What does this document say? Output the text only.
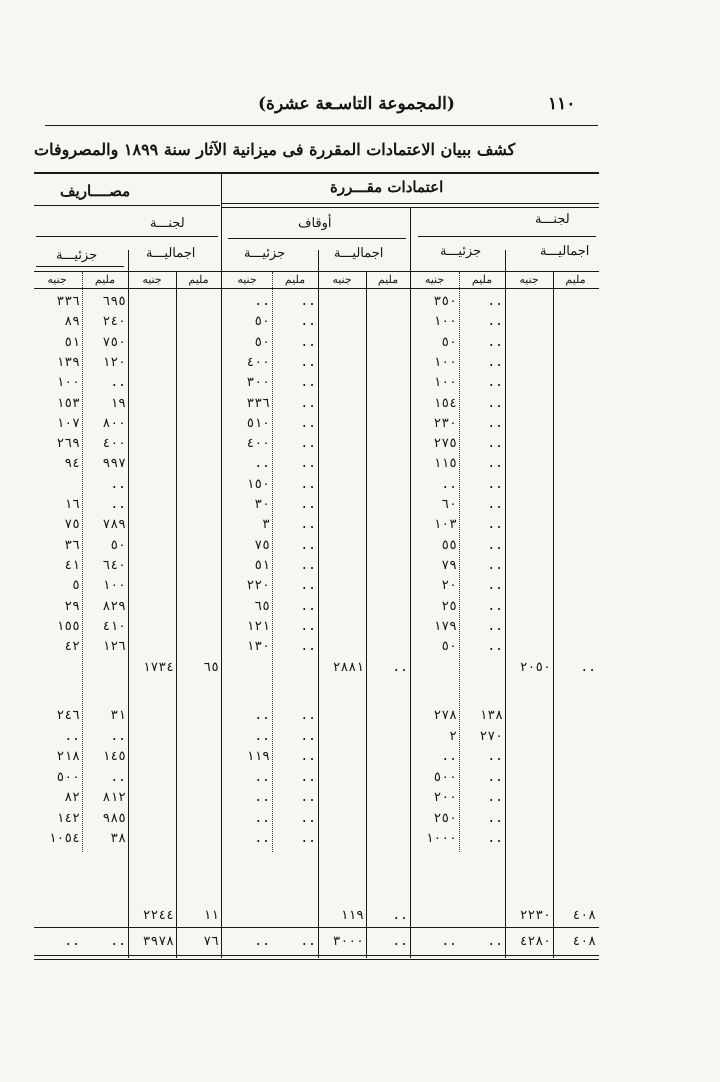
١١٠
(المجموعة التاسـعة عشرة)
كشف ببيان الاعتمادات المقررة فى ميزانية الآثار سنة ١٨٩٩ والمصروفات
اعتمادات مقـــررة
مصــــاريف
لجنـــة
أوقاف
لجنـــة
اجماليـــة
جزئيـــة
اجماليـــة
جزئيـــة
اجماليـــة
جزئيـــة
مليم
جنيه
مليم
جنيه
مليم
جنيه
مليم
جنيه
مليم
جنيه
مليم
جنيه
..
٣٥٠
..
..
٦٩٥
٣٣٦
..
١٠٠
..
٥٠
٢٤٠
٨٩
..
٥٠
..
٥٠
٧٥٠
٥١
..
١٠٠
..
٤٠٠
١٢٠
١٣٩
..
١٠٠
..
٣٠٠
..
١٠٠
..
١٥٤
..
٣٣٦
١٩
١٥٣
..
٢٣٠
..
٥١٠
٨٠٠
١٠٧
..
٢٧٥
..
٤٠٠
٤٠٠
٢٦٩
..
١١٥
..
..
٩٩٧
٩٤
..
..
..
١٥٠
..
..
٦٠
..
٣٠
..
١٦
..
١٠٣
..
٣
٧٨٩
٧٥
..
٥٥
..
٧٥
٥٠
٣٦
..
٧٩
..
٥١
٦٤٠
٤١
..
٢٠
..
٢٢٠
١٠٠
٥
..
٢٥
..
٦٥
٨٢٩
٢٩
..
١٧٩
..
١٢١
٤١٠
١٥٥
..
٥٠
..
١٣٠
١٢٦
٤٢
..
٢٠٥٠
..
٢٨٨١
٦٥
١٧٣٤
١٣٨
٢٧٨
..
..
٣١
٢٤٦
٢٧٠
٢
..
..
..
..
..
..
..
١١٩
١٤٥
٢١٨
..
٥٠٠
..
..
..
٥٠٠
..
٢٠٠
..
..
٨١٢
٨٢
..
٢٥٠
..
..
٩٨٥
١٤٢
..
١٠٠٠
..
..
٣٨
١٠٥٤
٤٠٨
٢٢٣٠
..
١١٩
١١
٢٢٤٤
٤٠٨
٤٢٨٠
..
..
..
٣٠٠٠
..
..
٧٦
٣٩٧٨
..
..
